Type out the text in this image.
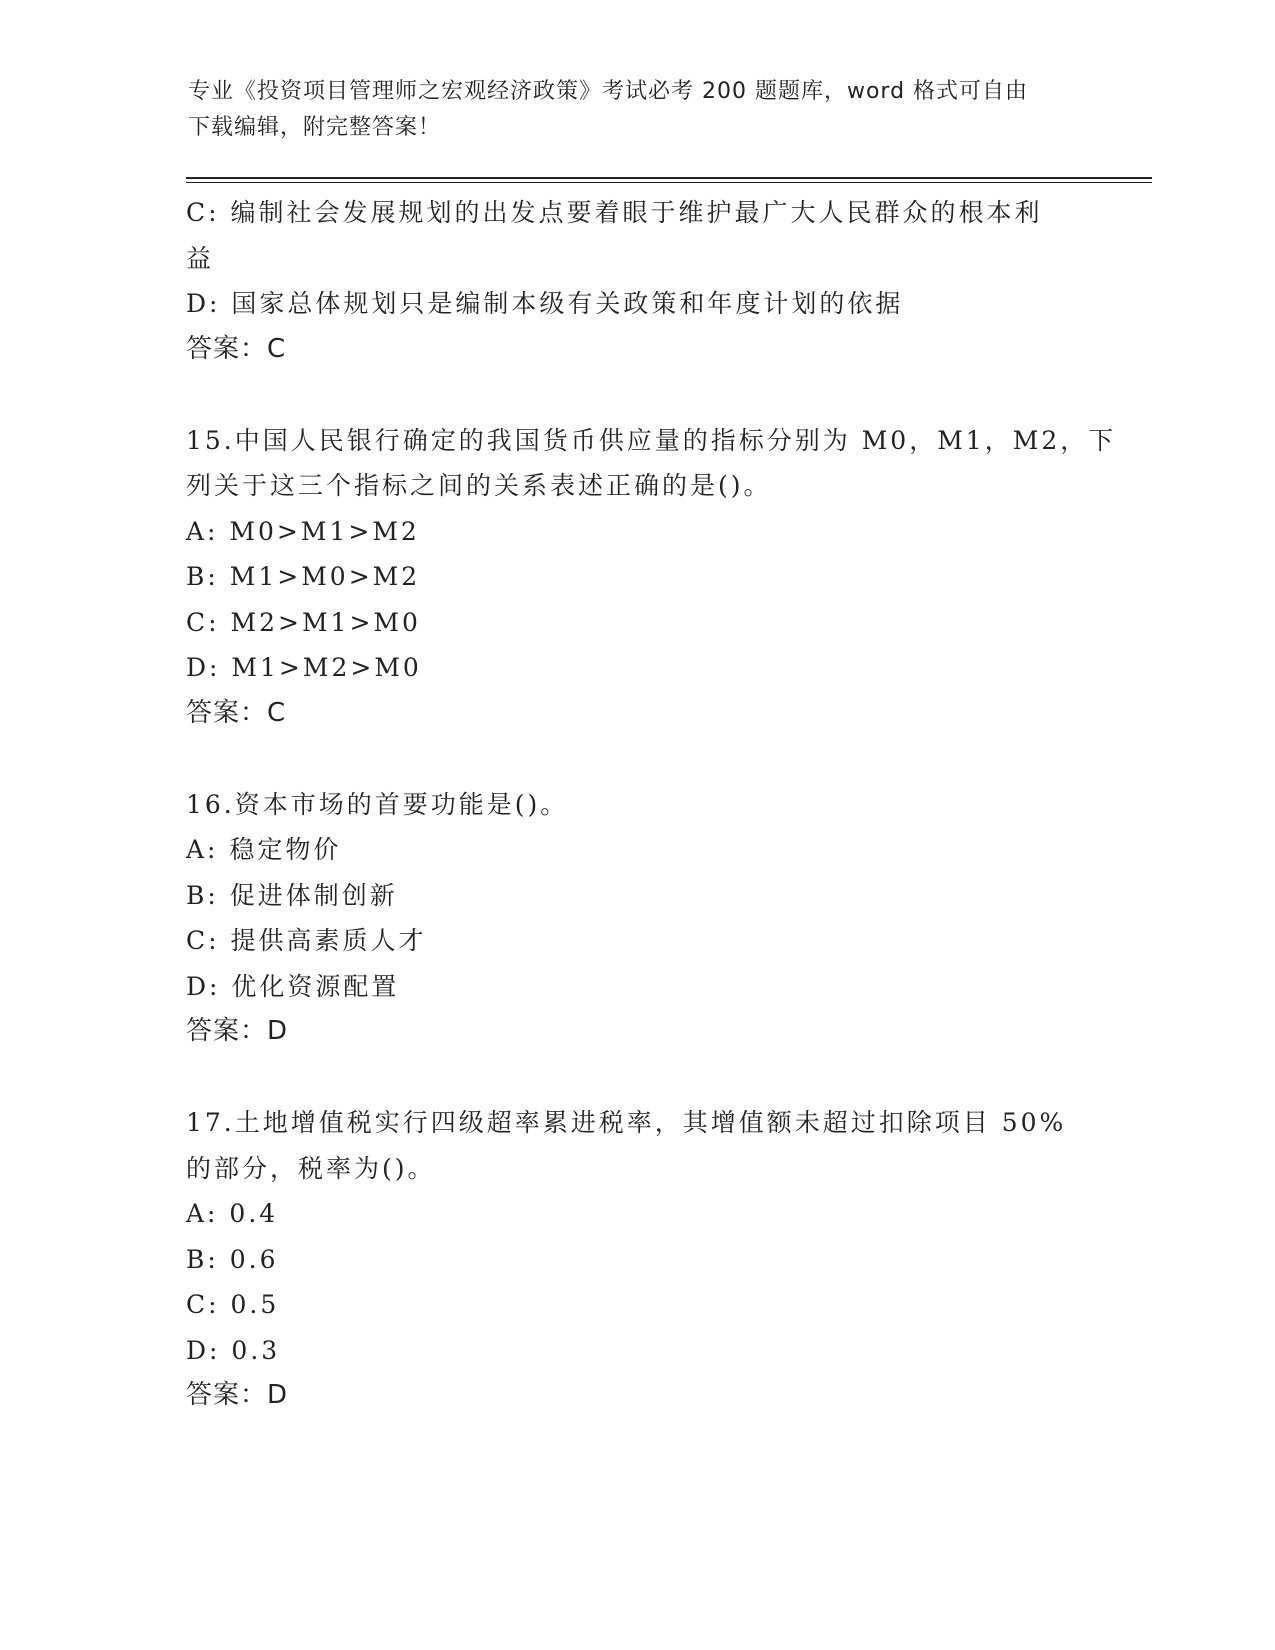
专业《投资项目管理师之宏观经济政策》考试必考 200 题题库，word 格式可自由
下载编辑，附完整答案！
C: 编制社会发展规划的出发点要着眼于维护最广大人民群众的根本利
益
D: 国家总体规划只是编制本级有关政策和年度计划的依据
答案：C
15.中国人民银行确定的我国货币供应量的指标分别为 M0，M1，M2，下
列关于这三个指标之间的关系表述正确的是()。
A: M0>M1>M2
B: M1>M0>M2
C: M2>M1>M0
D: M1>M2>M0
答案：C
16.资本市场的首要功能是()。
A: 稳定物价
B: 促进体制创新
C: 提供高素质人才
D: 优化资源配置
答案：D
17.土地增值税实行四级超率累进税率，其增值额未超过扣除项目 50%
的部分，税率为()。
A: 0.4
B: 0.6
C: 0.5
D: 0.3
答案：D
